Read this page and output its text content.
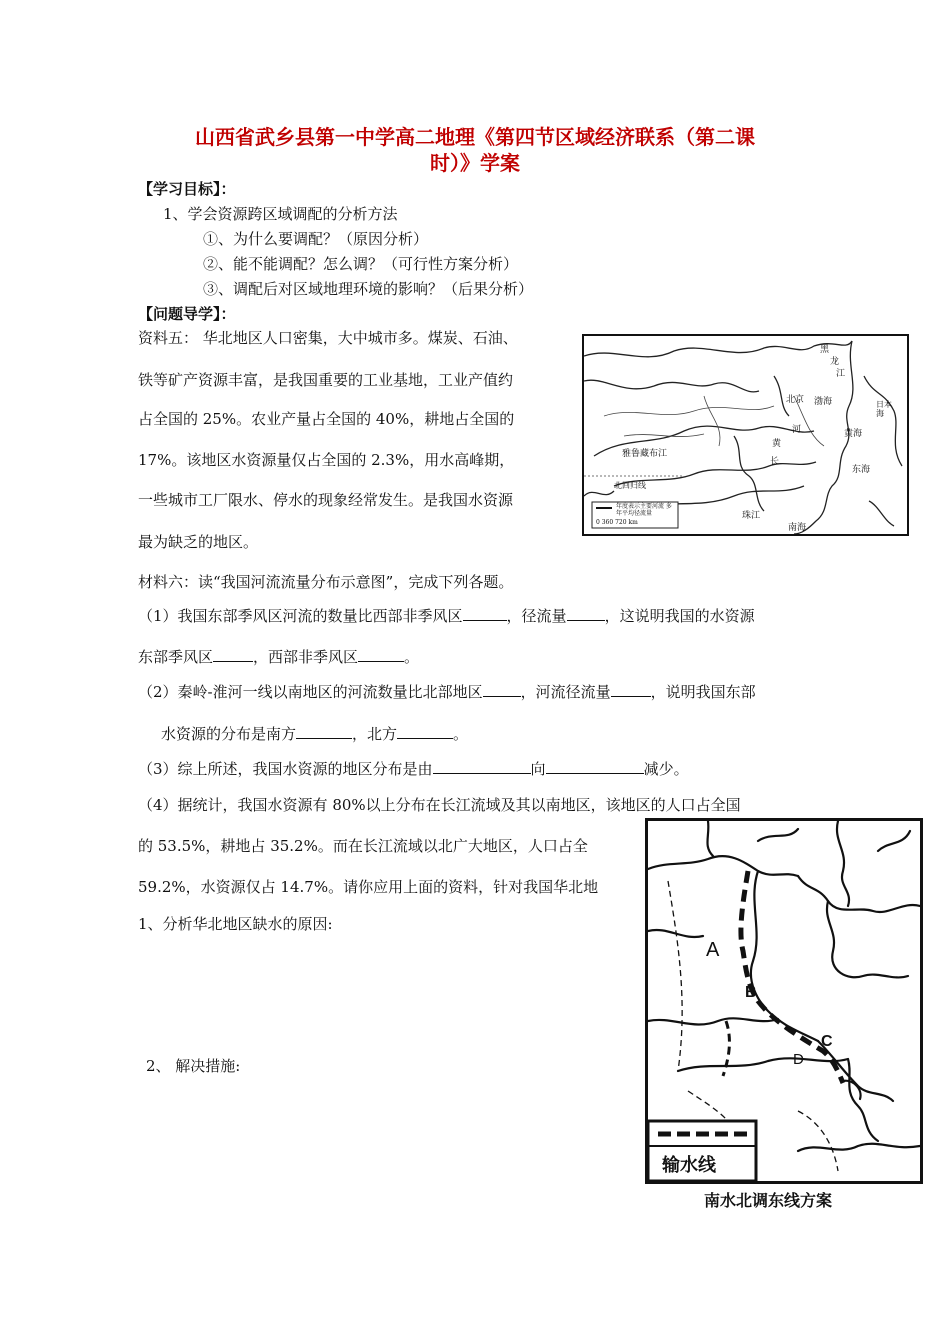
山西省武乡县第一中学高二地理《第四节区域经济联系（第二课
时）》学案
【学习目标】：
1、学会资源跨区域调配的分析方法
①、为什么要调配？（原因分析）
②、能不能调配？怎么调？（可行性方案分析）
③、调配后对区域地理环境的影响？（后果分析）
【问题导学】：
资料五： 华北地区人口密集，大中城市多。煤炭、石油、
铁等矿产资源丰富，是我国重要的工业基地，工业产值约
占全国的 25%。农业产量占全国的 40%，耕地占全国的
17%。该地区水资源量仅占全国的 2.3%，用水高峰期，
一些城市工厂限水、停水的现象经常发生。是我国水资源
最为缺乏的地区。
黑
龙
江
北京 渤海	日本海
黄海
河
黄
雅鲁藏布江
长
东海
北回归线
珠江
南海
年度表示主要河流 多年平均径流量
0 360 720 km
材料六：读“我国河流流量分布示意图”，完成下列各题。
（1）我国东部季风区河流的数量比西部非季风区	，径流量	，这说明我国的水资源
东部季风区	，西部非季风区	。
（2）秦岭-淮河一线以南地区的河流数量比北部地区	，河流径流量	，说明我国东部
水资源的分布是南方	，北方	。
（3）综上所述，我国水资源的地区分布是由	向	减少。
（4）据统计，我国水资源有 80%以上分布在长江流域及其以南地区，该地区的人口占全国
的 53.5%，耕地占 35.2%。而在长江流域以北广大地区，人口占全
59.2%，水资源仅占 14.7%。请你应用上面的资料，针对我国华北地
1、分析华北地区缺水的原因:
2、 解决措施:
A
B
C
D
输水线
南水北调东线方案
